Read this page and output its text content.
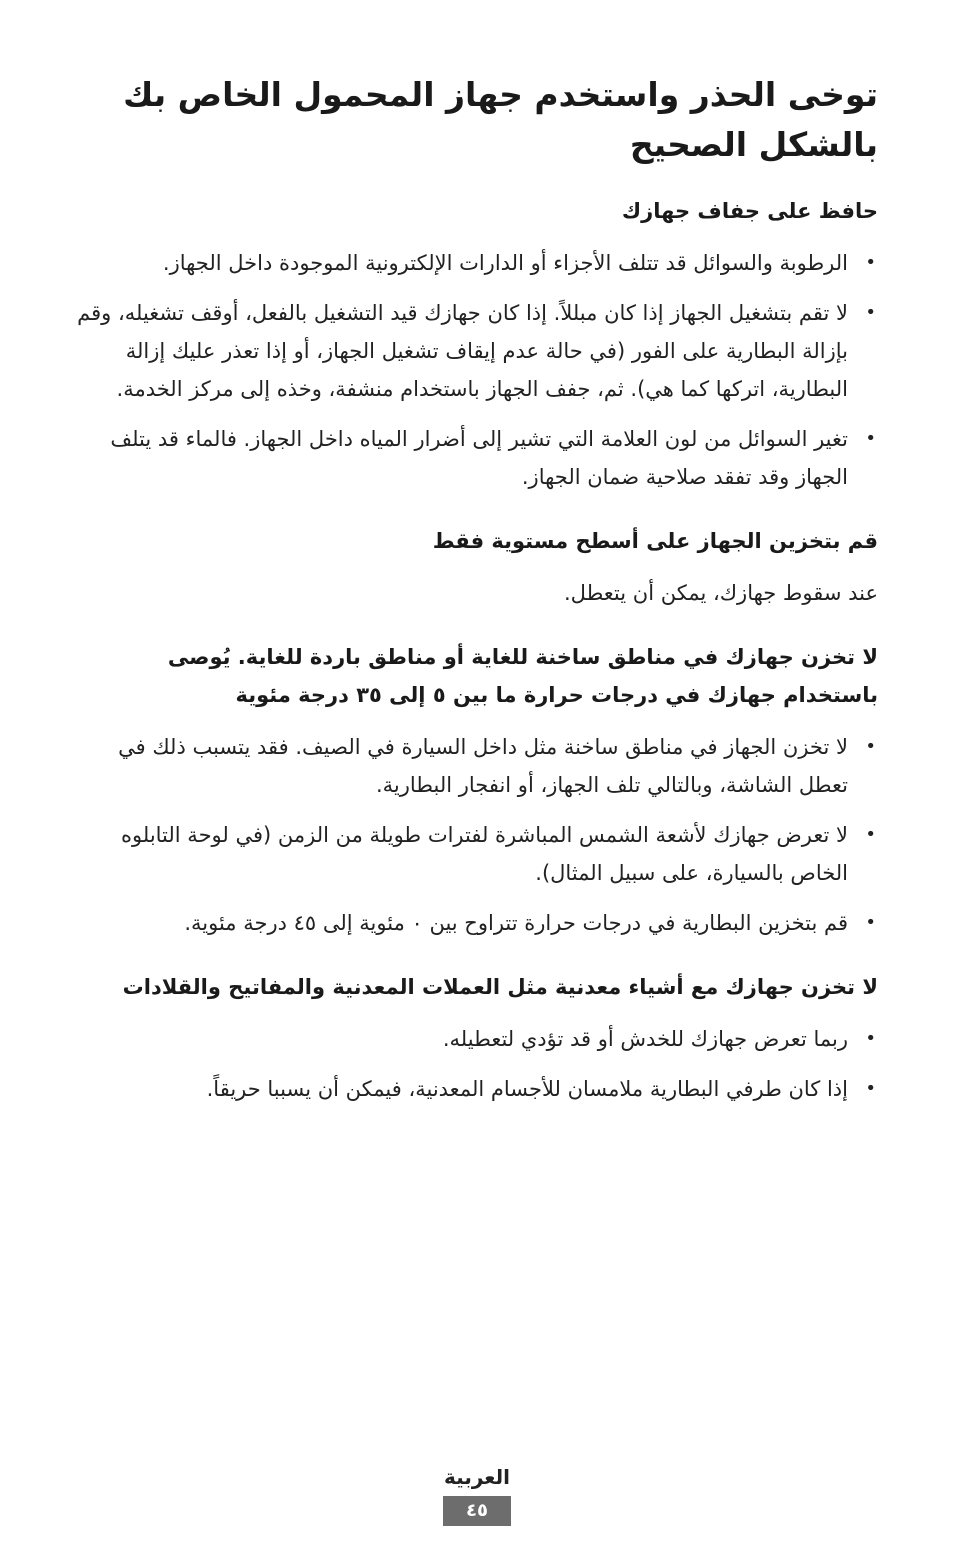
توخى الحذر واستخدم جهاز المحمول الخاص بك بالشكل الصحيح
حافظ على جفاف جهازك
•
الرطوبة والسوائل قد تتلف الأجزاء أو الدارات الإلكترونية الموجودة داخل الجهاز.
•
لا تقم بتشغيل الجهاز إذا كان مبللاً. إذا كان جهازك قيد التشغيل بالفعل، أوقف تشغيله، وقم بإزالة البطارية على الفور (في حالة عدم إيقاف تشغيل الجهاز، أو إذا تعذر عليك إزالة البطارية، اتركها كما هي). ثم، جفف الجهاز باستخدام منشفة، وخذه إلى مركز الخدمة.
•
تغير السوائل من لون العلامة التي تشير إلى أضرار المياه داخل الجهاز. فالماء قد يتلف الجهاز وقد تفقد صلاحية ضمان الجهاز.
قم بتخزين الجهاز على أسطح مستوية فقط

عند سقوط جهازك، يمكن أن يتعطل.

لا تخزن جهازك في مناطق ساخنة للغاية أو مناطق باردة للغاية. يُوصى باستخدام جهازك في درجات حرارة ما بين ٥ إلى ٣٥ درجة مئوية
•
لا تخزن الجهاز في مناطق ساخنة مثل داخل السيارة في الصيف. فقد يتسبب ذلك في تعطل الشاشة، وبالتالي تلف الجهاز، أو انفجار البطارية.
•
لا تعرض جهازك لأشعة الشمس المباشرة لفترات طويلة من الزمن (في لوحة التابلوه الخاص بالسيارة، على سبيل المثال).
•
قم بتخزين البطارية في درجات حرارة تتراوح بين ٠ مئوية إلى ٤٥ درجة مئوية.
لا تخزن جهازك مع أشياء معدنية مثل العملات المعدنية والمفاتيح والقلادات
•
ربما تعرض جهازك للخدش أو قد تؤدي لتعطيله.
•
إذا كان طرفي البطارية ملامسان للأجسام المعدنية، فيمكن أن يسببا حريقاً.
العربية
٤٥
